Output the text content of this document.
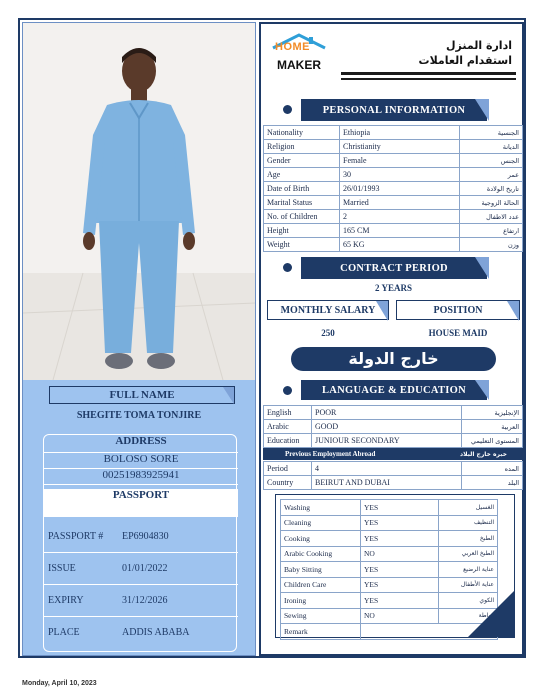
FULL NAME
SHEGITE TOMA TONJIRE
ADDRESS
BOLOSO SORE
00251983925941
PASSPORT
PASSPORT # EP6904830
ISSUE	01/01/2022
EXPIRY	31/12/2026
PLACE	ADDIS ABABA
HOME
MAKER
ادارة المنزل
استقدام العاملات
PERSONAL INFORMATION
Nationality	Ethiopia	الجنسية
Religion	Christianity	الديانة
Gender	Female	الجنس
Age	30	عمر
Date of Birth	26/01/1993	تاريخ الولادة
Marital Status	Married	الحالة الزوجية
No. of Children	2	عدد الاطفال
Height	165 CM	ارتفاع
Weight	65 KG	وزن
CONTRACT PERIOD
2 YEARS
MONTHLY SALARY	POSITION
250	HOUSE MAID
خارج الدولة
LANGUAGE & EDUCATION
English	POOR	الإنجليزية
Arabic	GOOD	العربية
Education	JUNIOUR SECONDARY	المستوى التعليمي
Previous Employment Abroad	خبره خارج البلاد
Period	4	المده
Country	BEIRUT AND DUBAI	البلد
Washing	YES	الغسيل
Cleaning	YES	التنظيف
Cooking	YES	الطبخ
Arabic Cooking	NO	الطبخ العربي
Baby Sitting	YES	عناية الرضيع
Children Care	YES	عناية الأطفال
Ironing	YES	الكوي
Sewing	NO	خياطة
Remark		
Monday, April 10, 2023
